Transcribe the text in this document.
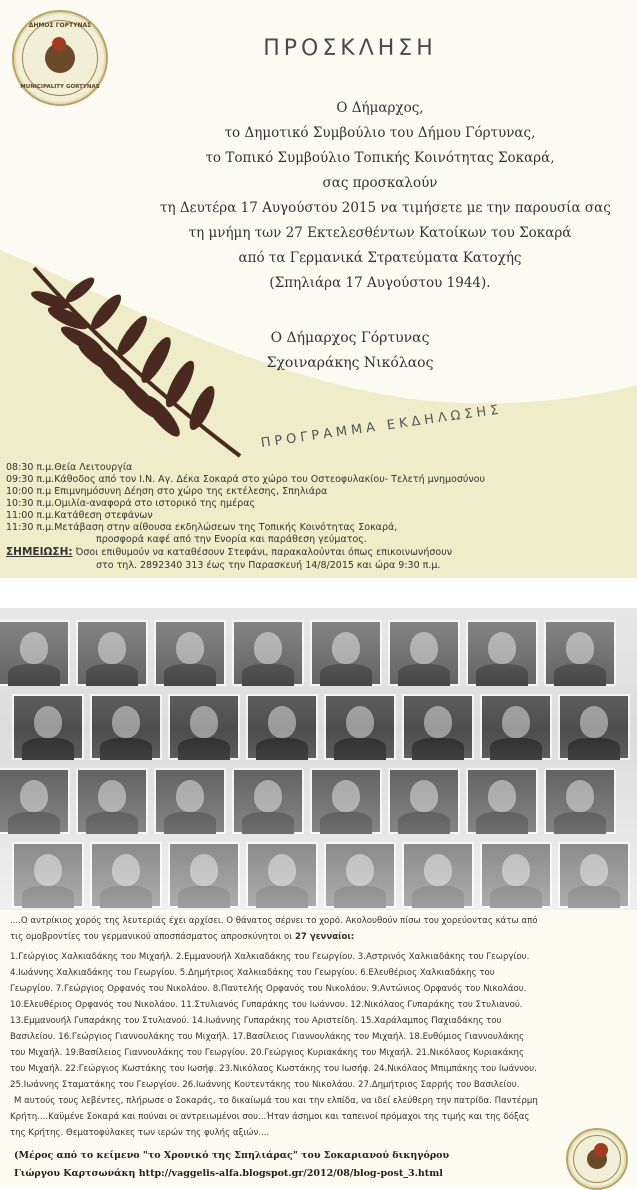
ΔΗΜΟΣ ΓΟΡΤΥΝΑΣ
MUNICIPALITY GORTYNAS
ΠΡΟΣΚΛΗΣΗ
Ο Δήμαρχος,
το Δημοτικό Συμβούλιο του Δήμου Γόρτυνας,
το Τοπικό Συμβούλιο Τοπικής Κοινότητας Σοκαρά,
σας προσκαλούν
τη Δευτέρα 17 Αυγούστου 2015 να τιμήσετε με την παρουσία σας
τη μνήμη των 27 Εκτελεσθέντων Κατοίκων του Σοκαρά
από τα Γερμανικά Στρατεύματα Κατοχής
(Σπηλιάρα 17 Αυγούστου 1944).
Ο Δήμαρχος Γόρτυνας
Σχοιναράκης Νικόλαος
ΠΡΟΓΡΑΜΜΑ ΕΚΔΗΛΩΣΗΣ
08:30 π.μ.Θεία Λειτουργία
09:30 π.μ.Κάθοδος από τον Ι.Ν. Αγ. Δέκα Σοκαρά στο χώρο του Οστεοφυλακίου- Τελετή μνημοσύνου
10:00 π.μ Επιμνημόσυνη Δέηση στο χώρο της εκτέλεσης, Σπηλιάρα
10:30 π.μ.Ομιλία-αναφορά στο ιστορικό της ημέρας
11:00 π.μ.Κατάθεση στεφάνων
11:30 π.μ.Μετάβαση στην αίθουσα εκδηλώσεων της Τοπικής Κοινότητας Σοκαρά,
προσφορά καφέ από την Ενορία και παράθεση γεύματος.
ΣΗΜΕΙΩΣΗ: Όσοι επιθυμούν να καταθέσουν Στεφάνι, παρακαλούνται όπως επικοινωνήσουν
στο τηλ. 2892340 313 έως την Παρασκευή 14/8/2015 και ώρα 9:30 π.μ.
....Ο αντρίκιος χορός της λευτεριάς έχει αρχίσει. Ο θάνατος σέρνει το χορό. Ακολουθούν πίσω του χορεύοντας κάτω από
τις ομοβροντίες του γερμανικού αποσπάσματος απροσκύνητοι οι 27 γενναίοι:
1.Γεώργιος Χαλκιαδάκης του Μιχαήλ. 2.Εμμανουήλ Χαλκιαδάκης του Γεωργίου. 3.Αστρινός Χαλκιαδάκης του Γεωργίου.
4.Ιωάννης Χαλκιαδάκης του Γεωργίου. 5.Δημήτριος Χαλκιαδάκης του Γεωργίου. 6.Ελευθέριος Χαλκιαδάκης του
Γεωργίου. 7.Γεώργιος Ορφανός του Νικολάου. 8.Παντελής Ορφανός του Νικολάου. 9.Αντώνιος Ορφανός του Νικολάου.
10.Ελευθέριος Ορφανός του Νικολάου. 11.Στυλιανός Γυπαράκης του Ιωάννου. 12.Νικόλαος Γυπαράκης του Στυλιανού.
13.Εμμανουήλ Γυπαράκης του Στυλιανού. 14.Ιωάννης Γυπαράκης του Αριστείδη. 15.Χαράλαμπος Παχιαδάκης του
Βασιλείου. 16.Γεώργιος Γιαννουλάκης του Μιχαήλ. 17.Βασίλειος Γιαννουλάκης του Μιχαήλ. 18.Ευθύμιος Γιαννουλάκης
του Μιχαήλ. 19.Βασίλειος Γιαννουλάκης του Γεωργίου. 20.Γεώργιος Κυριακάκης του Μιχαήλ. 21.Νικόλαος Κυριακάκης
του Μιχαήλ. 22.Γεώργιος Κωστάκης του Ιωσήφ. 23.Νικόλαος Κωστάκης του Ιωσήφ. 24.Νικόλαος Μπιμπάκης του Ιωάννου.
25.Ιωάννης Σταματάκης του Γεωργίου. 26.Ιωάννης Κουτεντάκης του Νικολάου. 27.Δημήτριος Σαρρής του Βασιλείου.
Μ αυτούς τους λεβέντες, πλήρωσε ο Σοκαράς, το δικαίωμά του και την ελπίδα, να ιδεί ελεύθερη την πατρίδα. Παντέρμη
Κρήτη....Καϋμένε Σοκαρά και πούναι οι αντρειωμένοι σου...Ήταν άσημοι και ταπεινοί πρόμαχοι της τιμής και της δόξας
της Κρήτης. Θεματοφύλακες των ιερών της φυλής αξιών....
(Μέρος από το κείμενο "το Χρονικό της Σπηλιάρας" του Σοκαριανού δικηγόρου
Γιώργου Καρτσωνάκη http://vaggelis-alfa.blogspot.gr/2012/08/blog-post_3.html
